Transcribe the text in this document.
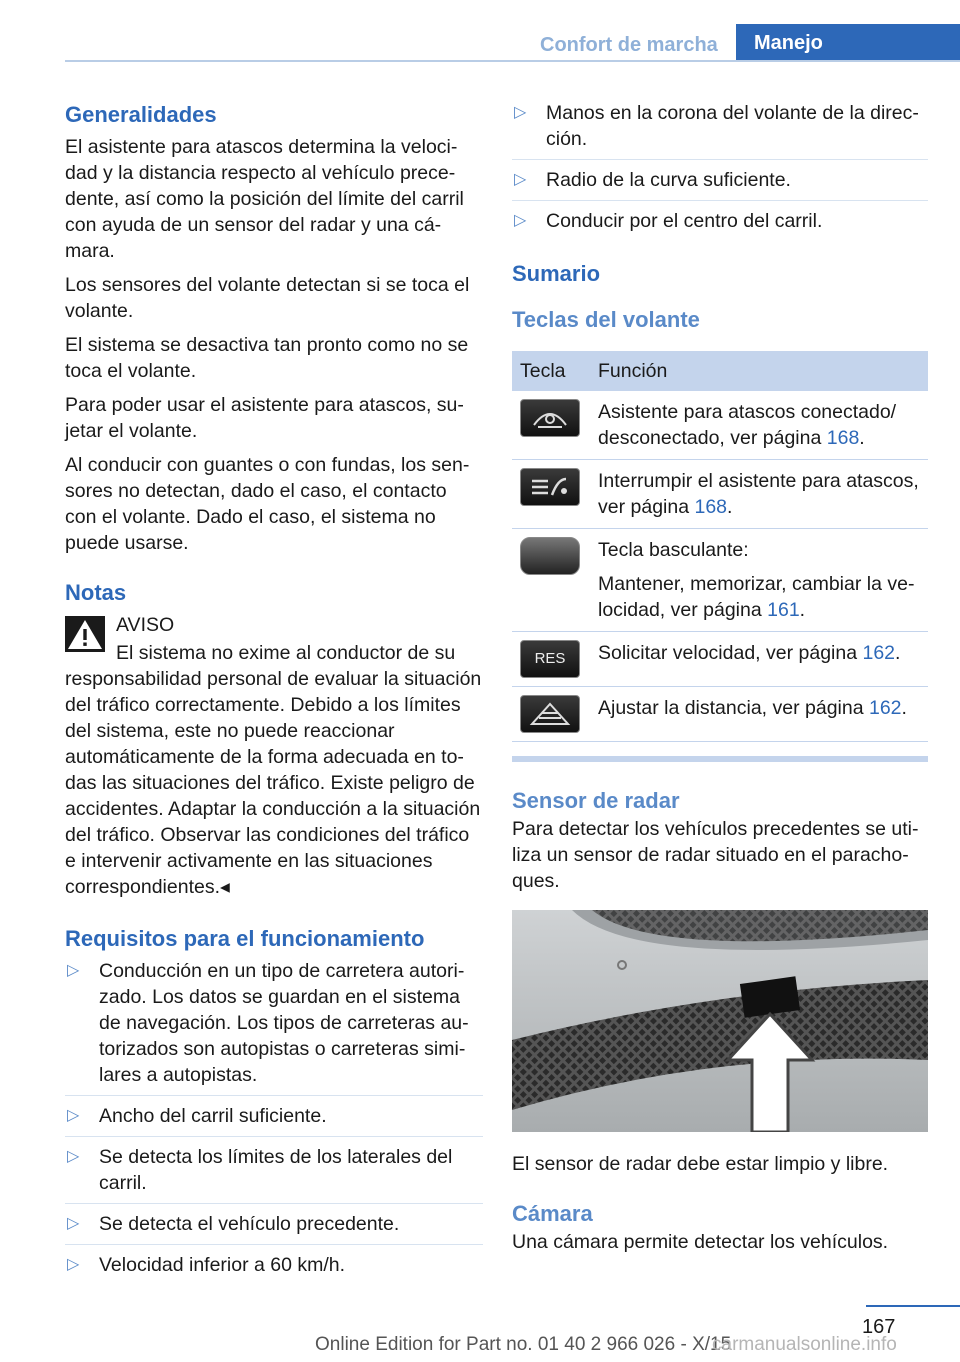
Confort de marcha	Manejo
Generalidades

El asistente para atascos determina la velocidad y la distancia respecto al vehículo precedente, así como la posición del límite del carril con ayuda de un sensor del radar y una cámara.

Los sensores del volante detectan si se toca el volante.

El sistema se desactiva tan pronto como no se toca el volante.

Para poder usar el asistente para atascos, sujetar el volante.

Al conducir con guantes o con fundas, los sensores no detectan, dado el caso, el contacto con el volante. Dado el caso, el sistema no puede usarse.

Notas

AVISO

El sistema no exime al conductor de su responsabilidad personal de evaluar la situación del tráfico correctamente. Debido a los límites del sistema, este no puede reaccionar automáticamente de la forma adecuada en todas las situaciones del tráfico. Existe peligro de accidentes. Adaptar la conducción a la situación del tráfico. Observar las condiciones del tráfico e intervenir activamente en las situaciones correspondientes.◂

Requisitos para el funcionamiento
▷ Conducción en un tipo de carretera autorizado. Los datos se guardan en el sistema de navegación. Los tipos de carreteras autorizados son autopistas o carreteras similares a autopistas.
▷ Ancho del carril suficiente.
▷ Se detecta los límites de los laterales del carril.
▷ Se detecta el vehículo precedente.
▷ Velocidad inferior a 60 km/h.
▷ Manos en la corona del volante de la dirección.
▷ Radio de la curva suficiente.
▷ Conducir por el centro del carril.
Sumario
Teclas del volante
Tecla	Función

	Asistente para atascos conectado/ desconectado, ver página 168.

	Interrumpir el asistente para atascos, ver página 168.

	Tecla basculante:
Mantener, memorizar, cambiar la velocidad, ver página 161.

RES	Solicitar velocidad, ver página 162.

	Ajustar la distancia, ver página 162.
Sensor de radar

Para detectar los vehículos precedentes se utiliza un sensor de radar situado en el parachoques.

El sensor de radar debe estar limpio y libre.

Cámara

Una cámara permite detectar los vehículos.

167
Online Edition for Part no. 01 40 2 966 026 - X/15
carmanualsonline.info
